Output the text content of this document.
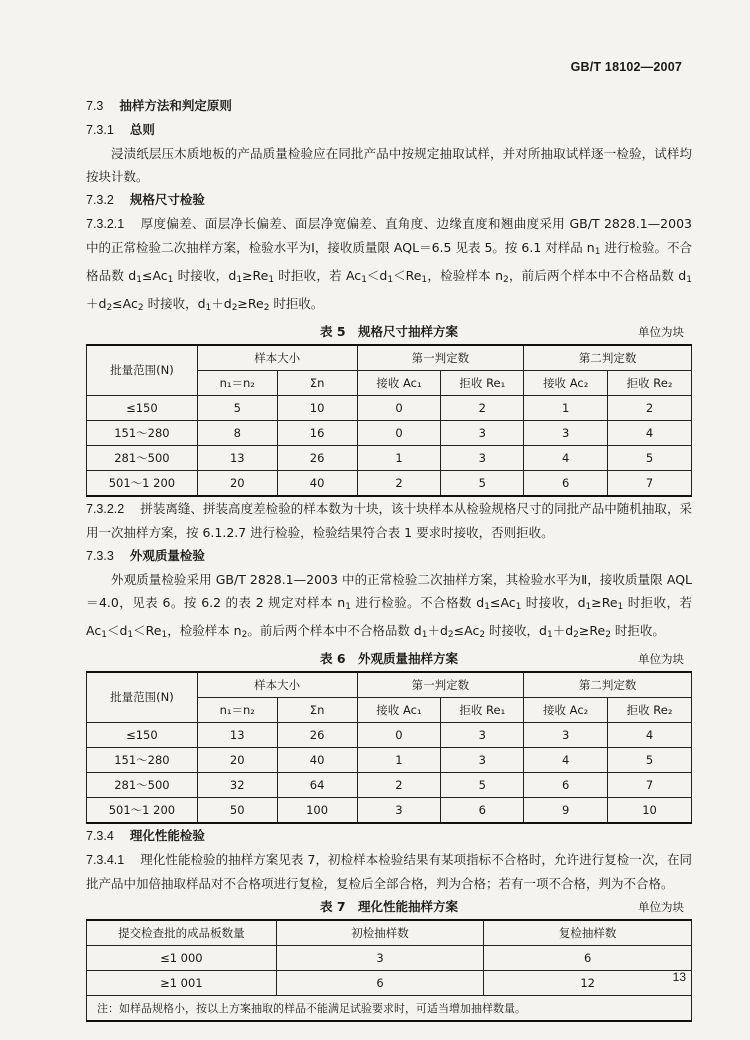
GB/T 18102—2007
7.3 抽样方法和判定原则
7.3.1 总则

浸渍纸层压木质地板的产品质量检验应在同批产品中按规定抽取试样，并对所抽取试样逐一检验，试样均按块计数。

7.3.2 规格尺寸检验

7.3.2.1 厚度偏差、面层净长偏差、面层净宽偏差、直角度、边缘直度和翘曲度采用 GB/T 2828.1—2003 中的正常检验二次抽样方案，检验水平为Ⅰ，接收质量限 AQL＝6.5 见表 5。按 6.1 对样品 $n_1$ 进行检验。不合格品数 $d_1\le Ac_1$ 时接收，$d_1\ge Re_1$ 时拒收，若 $Ac_1<d_1<Re_1$，检验样本 $n_2$，前后两个样本中不合格品数 $d_1+d_2\le Ac_2$ 时接收，$d_1+d_2\ge Re_2$ 时拒收。

表 5　规格尺寸抽样方案	单位为块
批量范围(N)	样本大小		第一判定数		第二判定数	
	n₁＝n₂	Σn	接收 Ac₁	拒收 Re₁	接收 Ac₂	拒收 Re₂
≤150	5	10	0	2	1	2
151～280	8	16	0	3	3	4
281～500	13	26	1	3	4	5
501～1 200	20	40	2	5	6	7

7.3.2.2 拼装离缝、拼装高度差检验的样本数为十块，该十块样本从检验规格尺寸的同批产品中随机抽取，采用一次抽样方案，按 6.1.2.7 进行检验，检验结果符合表 1 要求时接收，否则拒收。

7.3.3 外观质量检验

外观质量检验采用 GB/T 2828.1—2003 中的正常检验二次抽样方案，其检验水平为Ⅱ，接收质量限 AQL＝4.0，见表 6。按 6.2 的表 2 规定对样本 $n_1$ 进行检验。不合格数 $d_1\le Ac_1$ 时接收，$d_1\ge Re_1$ 时拒收，若 $Ac_1<d_1<Re_1$，检验样本 $n_2$。前后两个样本中不合格品数 $d_1+d_2\le Ac_2$ 时接收，$d_1+d_2\ge Re_2$ 时拒收。

表 6　外观质量抽样方案	单位为块
批量范围(N)	样本大小		第一判定数		第二判定数	
	n₁＝n₂	Σn	接收 Ac₁	拒收 Re₁	接收 Ac₂	拒收 Re₂
≤150	13	26	0	3	3	4
151～280	20	40	1	3	4	5
281～500	32	64	2	5	6	7
501～1 200	50	100	3	6	9	10
7.3.4 理化性能检验

7.3.4.1 理化性能检验的抽样方案见表 7，初检样本检验结果有某项指标不合格时，允许进行复检一次，在同批产品中加倍抽取样品对不合格项进行复检，复检后全部合格，判为合格；若有一项不合格，判为不合格。

表 7　理化性能抽样方案	单位为块
提交检查批的成品板数量	初检抽样数	复检抽样数
≤1 000	3	6
≥1 001	6	12
注：如样品规格小，按以上方案抽取的样品不能满足试验要求时，可适当增加抽样数量。		
13
